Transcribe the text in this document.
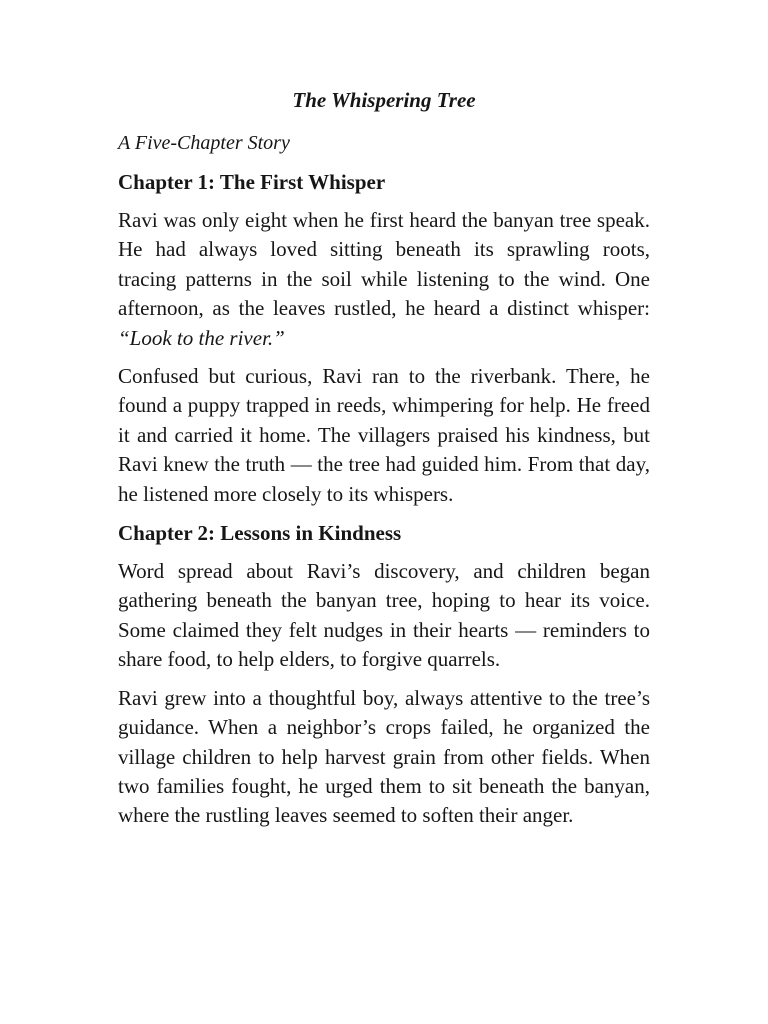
The Whispering Tree
A Five-Chapter Story
Chapter 1: The First Whisper

Ravi was only eight when he first heard the banyan tree speak. He had always loved sitting beneath its sprawling roots, tracing patterns in the soil while listening to the wind. One afternoon, as the leaves rustled, he heard a distinct whisper: “Look to the river.”

Confused but curious, Ravi ran to the riverbank. There, he found a puppy trapped in reeds, whimpering for help. He freed it and carried it home. The villagers praised his kindness, but Ravi knew the truth — the tree had guided him. From that day, he listened more closely to its whispers.

Chapter 2: Lessons in Kindness

Word spread about Ravi’s discovery, and children began gathering beneath the banyan tree, hoping to hear its voice. Some claimed they felt nudges in their hearts — reminders to share food, to help elders, to forgive quarrels.

Ravi grew into a thoughtful boy, always attentive to the tree’s guidance. When a neighbor’s crops failed, he organized the village children to help harvest grain from other fields. When two families fought, he urged them to sit beneath the banyan, where the rustling leaves seemed to soften their anger.
